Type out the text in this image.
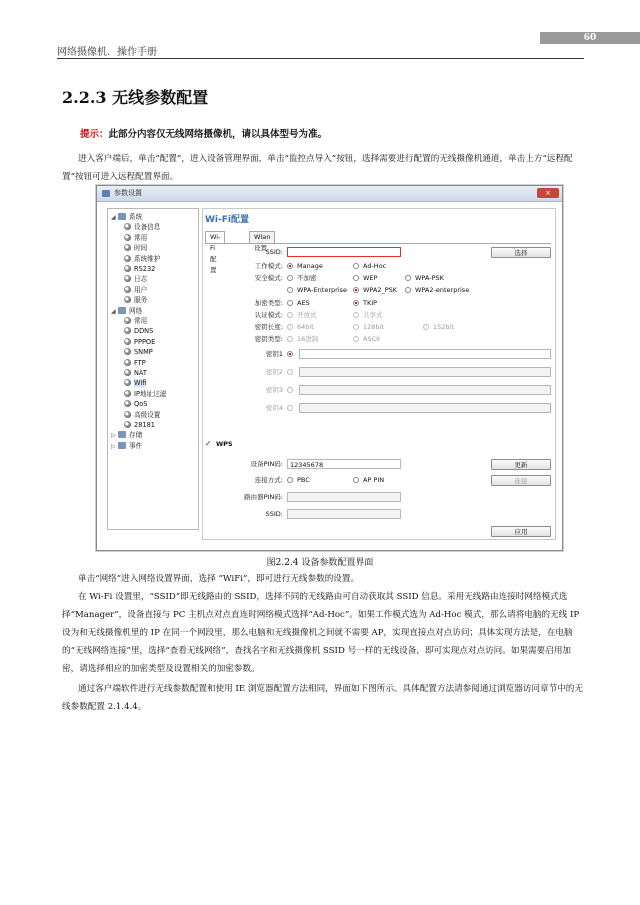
60
网络摄像机．操作手册
2.2.3 无线参数配置
提示：此部分内容仅无线网络摄像机，请以具体型号为准。
进入客户端后，单击“配置”，进入设备管理界面，单击“监控点导入”按钮，选择需要进行配置的无线摄像机通道，单击上方“远程配置”按钮可进入远程配置界面。
参数设置	×
◢ 系统
设备信息
常用
时间
系统维护
RS232
日志
用户
服务
◢ 网络
常用
DDNS
PPPOE
SNMP
FTP
NAT
Wifi
IP地址过滤
QoS
高级设置
28181
▷ 存储
▷ 事件
Wi-Fi配置
Wi-Fi配置
Wlan设置
SSID:	选择
工作模式:	Manage	Ad-Hoc
安全模式:	不加密	WEP	WPA-PSK
WPA-Enterprise	WPA2_PSK	WPA2-enterprise
加密类型:	AES	TKIP
认证模式:	开放式	共享式
密钥长度:	64bit	128bit	152bit
密钥类型:	16进制	ASCII
密钥1
密钥2
密钥3
密钥4
✓ WPS
设备PIN码:	12345678	更新
连接方式:	PBC	AP PIN	连接
路由器PIN码:
SSID:
应用
图2.2.4 设备参数配置界面
单击“网络”进入网络设置界面，选择 “WiFi”，即可进行无线参数的设置。
在 Wi-Fi 设置里，“SSID”即无线路由的 SSID，选择不同的无线路由可自动获取其 SSID 信息。采用无线路由连接时网络模式选择“Manager”，设备直接与 PC 主机点对点直连时网络模式选择“Ad-Hoc”。如果工作模式选为 Ad-Hoc 模式，那么请将电脑的无线 IP 设为和无线摄像机里的 IP 在同一个网段里，那么电脑和无线摄像机之间就不需要 AP，实现直接点对点访问；具体实现方法是，在电脑的“无线网络连接”里，选择“查看无线网络”，查找名字和无线摄像机 SSID 号一样的无线设备，即可实现点对点访问。如果需要启用加密，请选择相应的加密类型及设置相关的加密参数。
通过客户端软件进行无线参数配置和使用 IE 浏览器配置方法相同，界面如下图所示。具体配置方法请参阅通过浏览器访问章节中的无线参数配置 2.1.4.4。
